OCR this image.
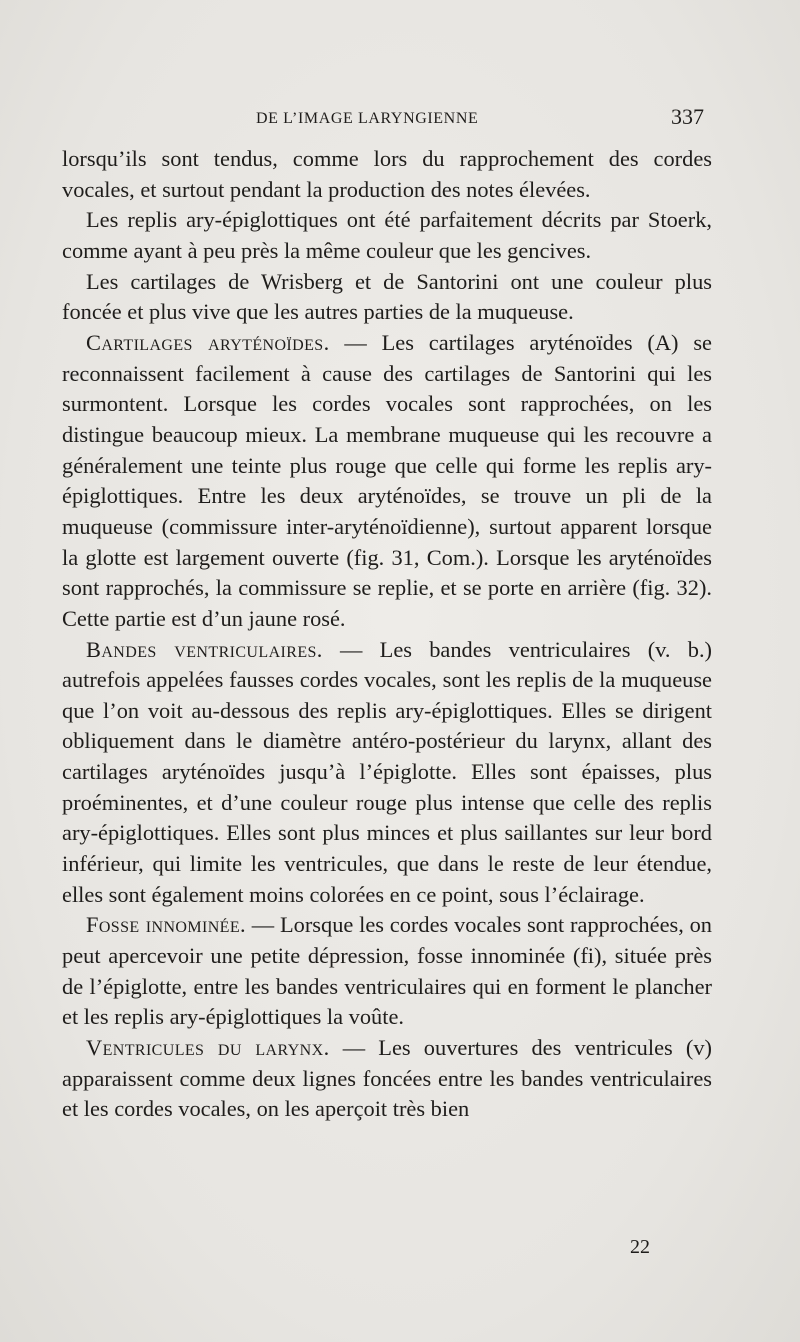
DE L’IMAGE LARYNGIENNE	337

lorsqu’ils sont tendus, comme lors du rapprochement des cordes vocales, et surtout pendant la production des notes élevées.

Les replis ary-épiglottiques ont été parfaitement décrits par Stoerk, comme ayant à peu près la même couleur que les gencives.

Les cartilages de Wrisberg et de Santorini ont une couleur plus foncée et plus vive que les autres parties de la muqueuse.

Cartilages aryténoïdes. — Les cartilages aryténoïdes (A) se reconnaissent facilement à cause des cartilages de Santorini qui les surmontent. Lorsque les cordes vocales sont rapprochées, on les distingue beaucoup mieux. La membrane muqueuse qui les recouvre a généralement une teinte plus rouge que celle qui forme les replis ary-épiglottiques. Entre les deux aryténoïdes, se trouve un pli de la muqueuse (commissure inter-aryténoïdienne), surtout apparent lorsque la glotte est largement ouverte (fig. 31, Com.). Lorsque les aryténoïdes sont rapprochés, la commissure se replie, et se porte en arrière (fig. 32). Cette partie est d’un jaune rosé.

Bandes ventriculaires. — Les bandes ventriculaires (v. b.) autrefois appelées fausses cordes vocales, sont les replis de la muqueuse que l’on voit au-dessous des replis ary-épiglottiques. Elles se dirigent obliquement dans le diamètre antéro-postérieur du larynx, allant des cartilages aryténoïdes jusqu’à l’épiglotte. Elles sont épaisses, plus proéminentes, et d’une couleur rouge plus intense que celle des replis ary-épiglottiques. Elles sont plus minces et plus saillantes sur leur bord inférieur, qui limite les ventricules, que dans le reste de leur étendue, elles sont également moins colorées en ce point, sous l’éclairage.

Fosse innominée. — Lorsque les cordes vocales sont rapprochées, on peut apercevoir une petite dépression, fosse innominée (fi), située près de l’épiglotte, entre les bandes ventriculaires qui en forment le plancher et les replis ary-épiglottiques la voûte.

Ventricules du larynx. — Les ouvertures des ventricules (v) apparaissent comme deux lignes foncées entre les bandes ventriculaires et les cordes vocales, on les aperçoit très bien

22
